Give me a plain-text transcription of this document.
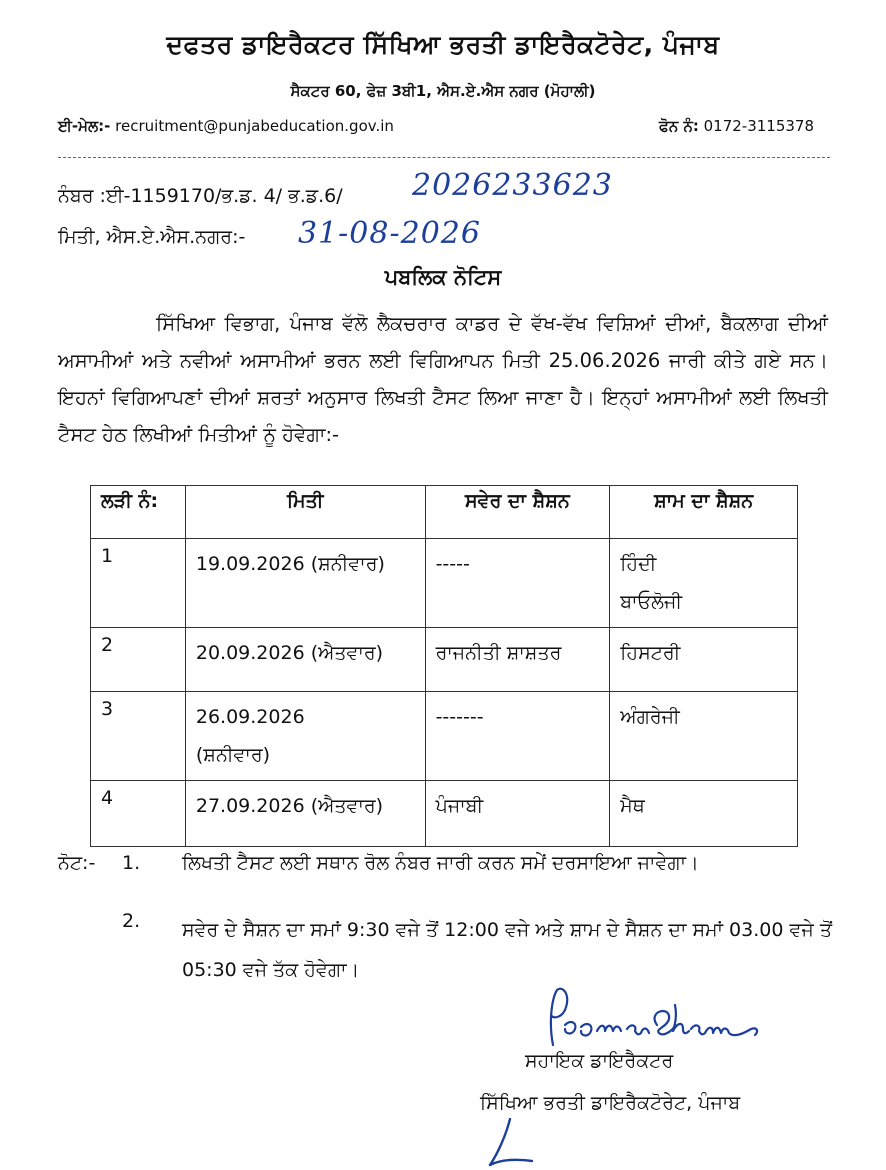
ਦਫਤਰ ਡਾਇਰੈਕਟਰ ਸਿੱਖਿਆ ਭਰਤੀ ਡਾਇਰੈਕਟੋਰੇਟ, ਪੰਜਾਬ
ਸੈਕਟਰ 60, ਫੇਜ਼ 3ਬੀ1, ਐਸ.ਏ.ਐਸ ਨਗਰ (ਮੋਹਾਲੀ)
ਈ-ਮੇਲ:- recruitment@punjabeducation.gov.in	ਫੋਨ ਨੰ: 0172-3115378
ਨੰਬਰ :ਈ-1159170/ਭ.ਡ. 4/ ਭ.ਡ.6/ 2026233623
ਮਿਤੀ, ਐਸ.ਏ.ਐਸ.ਨਗਰ:- 31-08-2026
ਪਬਲਿਕ ਨੋਟਿਸ

ਸਿੱਖਿਆ ਵਿਭਾਗ, ਪੰਜਾਬ ਵੱਲੋ ਲੈਕਚਰਾਰ ਕਾਡਰ ਦੇ ਵੱਖ-ਵੱਖ ਵਿਸ਼ਿਆਂ ਦੀਆਂ, ਬੈਕਲਾਗ ਦੀਆਂ ਅਸਾਮੀਆਂ ਅਤੇ ਨਵੀਆਂ ਅਸਾਮੀਆਂ ਭਰਨ ਲਈ ਵਿਗਿਆਪਨ ਮਿਤੀ 25.06.2026 ਜਾਰੀ ਕੀਤੇ ਗਏ ਸਨ। ਇਹਨਾਂ ਵਿਗਿਆਪਣਾਂ ਦੀਆਂ ਸ਼ਰਤਾਂ ਅਨੁਸਾਰ ਲਿਖਤੀ ਟੈਸਟ ਲਿਆ ਜਾਣਾ ਹੈ। ਇਨ੍ਹਾਂ ਅਸਾਮੀਆਂ ਲਈ ਲਿਖਤੀ ਟੈਸਟ ਹੇਠ ਲਿਖੀਆਂ ਮਿਤੀਆਂ ਨੂੰ ਹੋਵੇਗਾ:-

ਲੜੀ ਨੰ:	ਮਿਤੀ	ਸਵੇਰ ਦਾ ਸ਼ੈਸ਼ਨ	ਸ਼ਾਮ ਦਾ ਸ਼ੈਸ਼ਨ
1	19.09.2026 (ਸ਼ਨੀਵਾਰ)	-----	ਹਿੰਦੀ
ਬਾਓਲੋਜੀ

2	20.09.2026 (ਐਤਵਾਰ)	ਰਾਜਨੀਤੀ ਸ਼ਾਸ਼ਤਰ	ਹਿਸਟਰੀ

3	26.09.2026
(ਸ਼ਨੀਵਾਰ)	-------	ਅੰਗਰੇਜੀ

4	27.09.2026 (ਐਤਵਾਰ)	ਪੰਜਾਬੀ	ਮੈਥ
ਨੋਟ:- 1. ਲਿਖਤੀ ਟੈਸਟ ਲਈ ਸਥਾਨ ਰੋਲ ਨੰਬਰ ਜਾਰੀ ਕਰਨ ਸਮੇਂ ਦਰਸਾਇਆ ਜਾਵੇਗਾ।
2. ਸਵੇਰ ਦੇ ਸੈਸ਼ਨ ਦਾ ਸਮਾਂ 9:30 ਵਜੇ ਤੋਂ 12:00 ਵਜੇ ਅਤੇ ਸ਼ਾਮ ਦੇ ਸੈਸ਼ਨ ਦਾ ਸਮਾਂ 03.00 ਵਜੇ ਤੋਂ 05:30 ਵਜੇ ਤੱਕ ਹੋਵੇਗਾ।

ਸਹਾਇਕ ਡਾਇਰੈਕਟਰ
ਸਿੱਖਿਆ ਭਰਤੀ ਡਾਇਰੈਕਟੋਰੇਟ, ਪੰਜਾਬ
